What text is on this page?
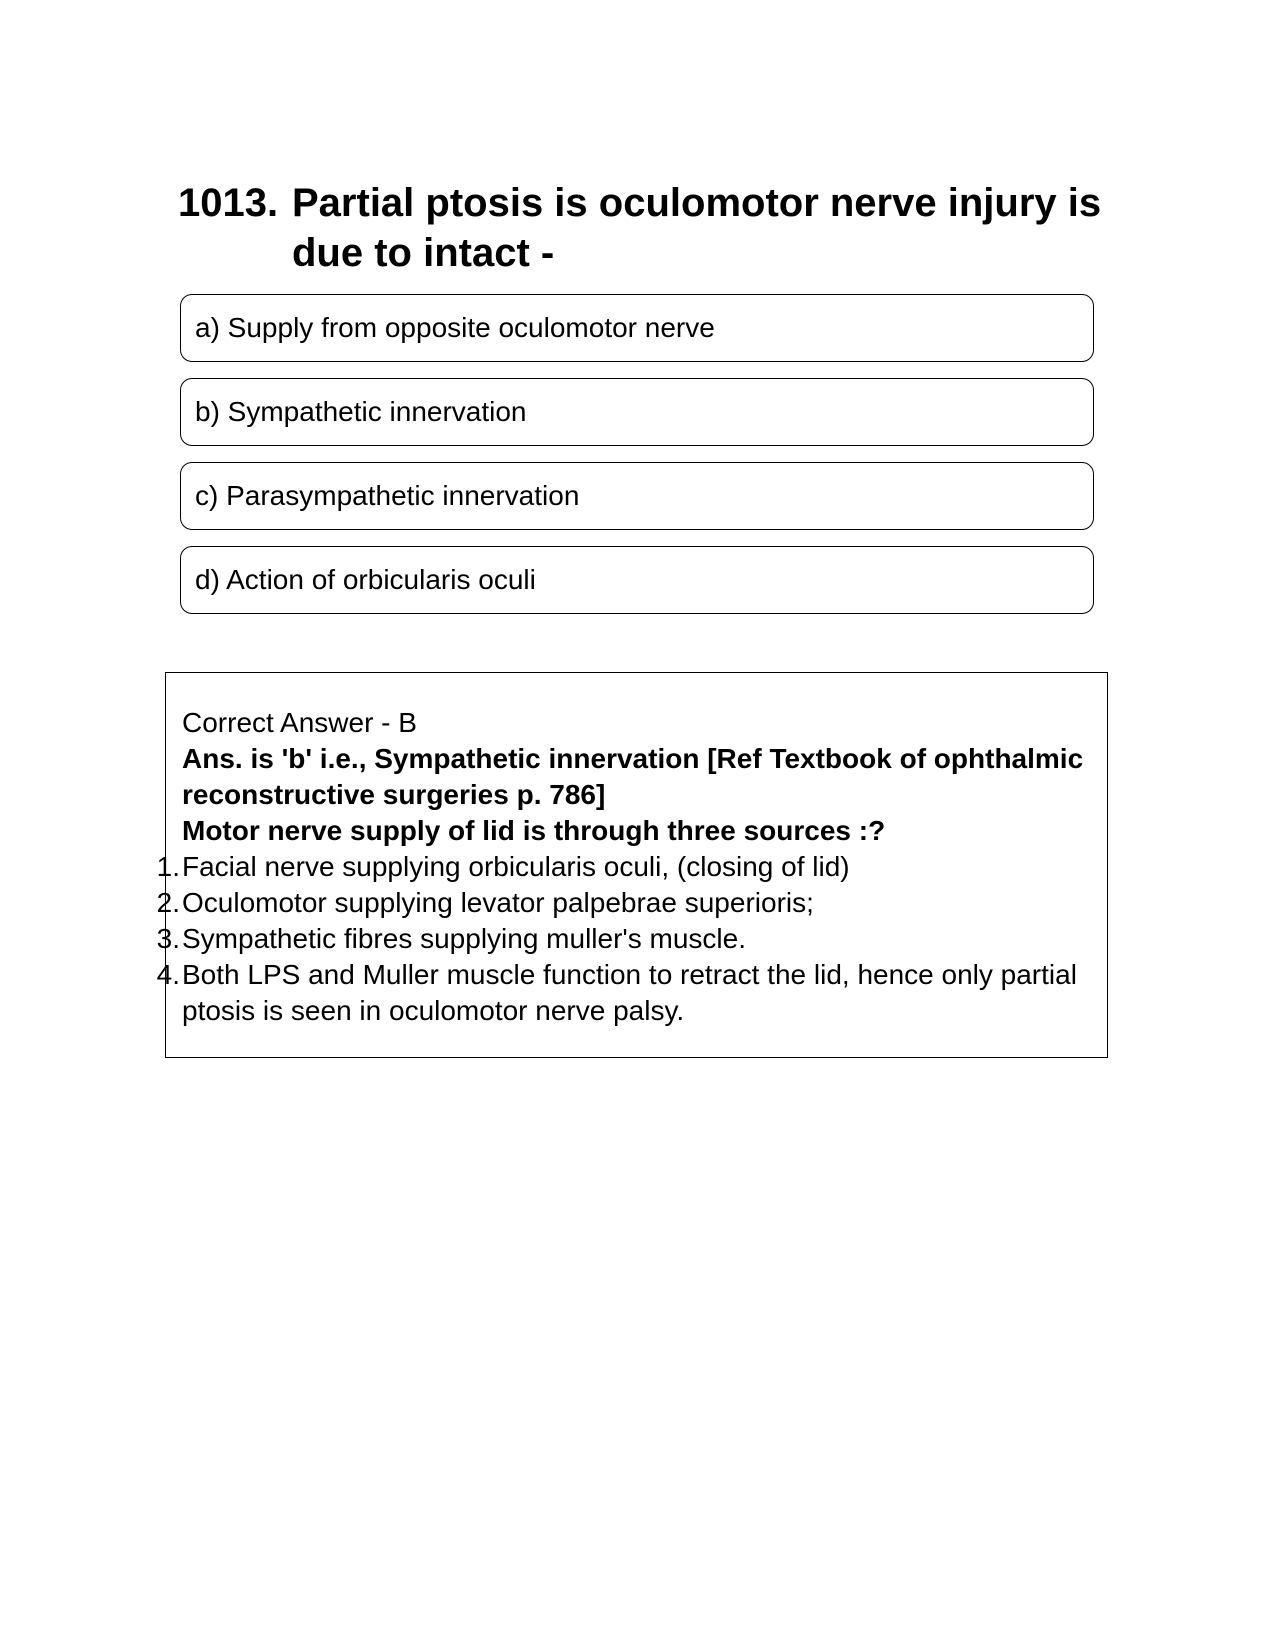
1013. Partial ptosis is oculomotor nerve injury is due to intact -
a) Supply from opposite oculomotor nerve
b) Sympathetic innervation
c) Parasympathetic innervation
d) Action of orbicularis oculi
Correct Answer - B
Ans. is 'b' i.e., Sympathetic innervation [Ref Textbook of ophthalmic reconstructive surgeries p. 786]
Motor nerve supply of lid is through three sources :?
1. Facial nerve supplying orbicularis oculi, (closing of lid)
2. Oculomotor supplying levator palpebrae superioris;
3. Sympathetic fibres supplying muller's muscle.
4. Both LPS and Muller muscle function to retract the lid, hence only partial ptosis is seen in oculomotor nerve palsy.
